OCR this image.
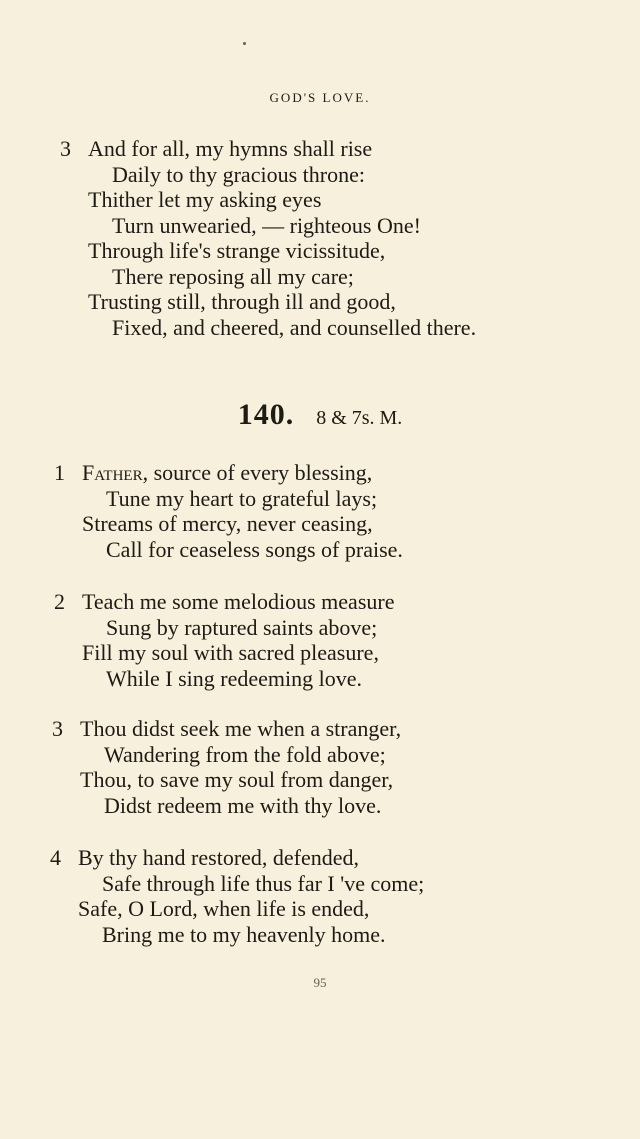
GOD'S LOVE.
3 And for all, my hymns shall rise
Daily to thy gracious throne:
Thither let my asking eyes
Turn unwearied, — righteous One!
Through life's strange vicissitude,
There reposing all my care;
Trusting still, through ill and good,
Fixed, and cheered, and counselled there.
140. 8 & 7s. M.
1 Father, source of every blessing,
Tune my heart to grateful lays;
Streams of mercy, never ceasing,
Call for ceaseless songs of praise.
2 Teach me some melodious measure
Sung by raptured saints above;
Fill my soul with sacred pleasure,
While I sing redeeming love.
3 Thou didst seek me when a stranger,
Wandering from the fold above;
Thou, to save my soul from danger,
Didst redeem me with thy love.
4 By thy hand restored, defended,
Safe through life thus far I 've come;
Safe, O Lord, when life is ended,
Bring me to my heavenly home.
95
